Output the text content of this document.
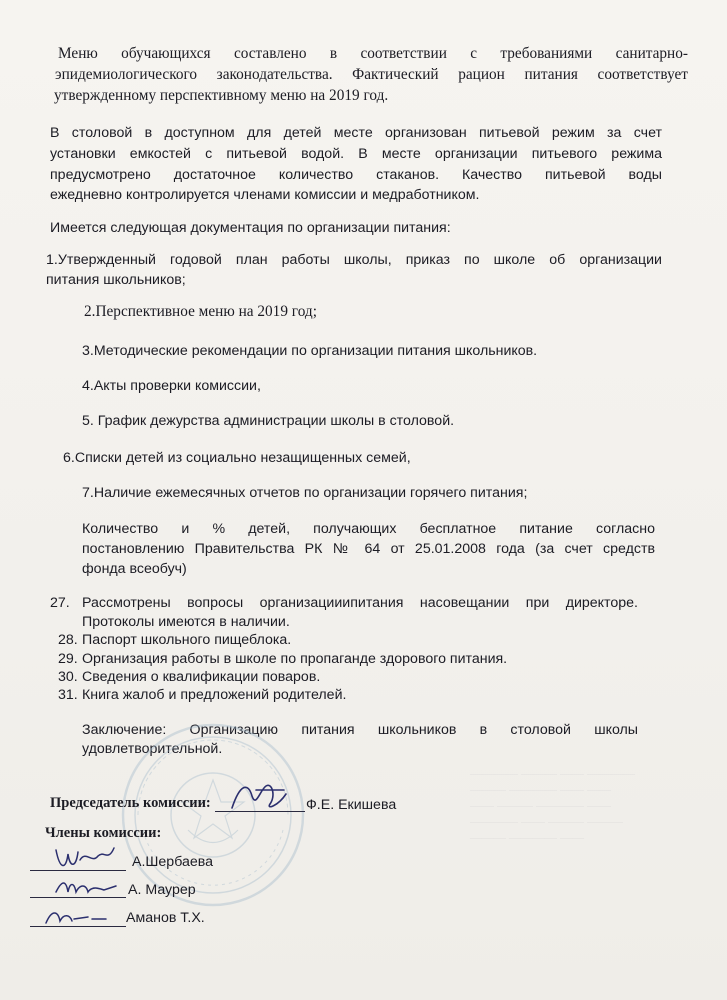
———— ——— —— ————
——— ———— —— ——
—— ——— ———— ——
———— —— ——— ———
——— ———— ——
Меню обучающихся составлено в соответствии с требованиями санитарно-
эпидемиологического законодательства. Фактический рацион питания соответствует
утвержденному перспективному меню на 2019 год.
В столовой в доступном для детей месте организован питьевой режим за счет
установки емкостей с питьевой водой. В месте организации питьевого режима
предусмотрено достаточное количество стаканов. Качество питьевой воды
ежедневно контролируется членами комиссии и медработником.
Имеется следующая документация по организации питания:
1.Утвержденный годовой план работы школы, приказ по школе об организации
питания школьников;
2.Перспективное меню на 2019 год;
3.Методические рекомендации по организации питания школьников.
4.Акты проверки комиссии,
5. График дежурства администрации школы в столовой.
6.Списки детей из социально незащищенных семей,
7.Наличие ежемесячных отчетов по организации горячего питания;
Количество и % детей, получающих бесплатное питание согласно
постановлению Правительства РК № 64 от 25.01.2008 года (за счет средств
фонда всеобуч)
27. Рассмотрены вопросы организацииипитания насовещании при директоре.
Протоколы имеются в наличии.
28. Паспорт школьного пищеблока.
29. Организация работы в школе по пропаганде здорового питания.
30. Сведения о квалификации поваров.
31. Книга жалоб и предложений родителей.
Заключение: Организацию питания школьников в столовой школы
удовлетворительной.
Председатель комиссии:	Ф.Е. Екишева
Члены комиссии:
А.Шербаева
А. Маурер
Аманов Т.Х.
